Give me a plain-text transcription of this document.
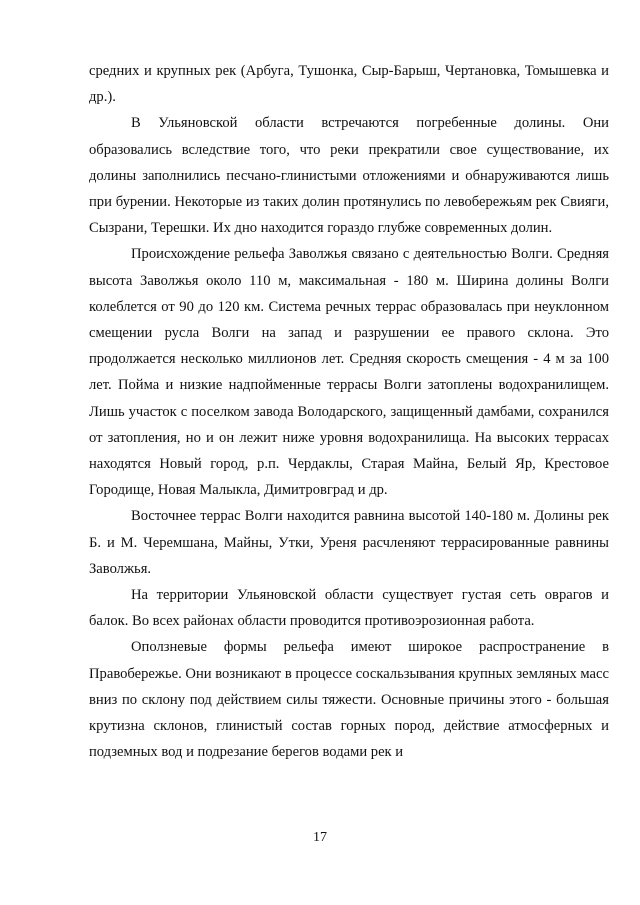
средних и крупных рек (Арбуга, Тушонка, Сыр-Барыш, Чертановка, Томышевка и др.).

В Ульяновской области встречаются погребенные долины. Они образовались вследствие того, что реки прекратили свое существование, их долины заполнились песчано-глинистыми отложениями и обнаруживаются лишь при бурении. Некоторые из таких долин протянулись по левобережьям рек Свияги, Сызрани, Терешки. Их дно находится гораздо глубже современных долин.

Происхождение рельефа Заволжья связано с деятельностью Волги. Средняя высота Заволжья около 110 м, максимальная - 180 м. Ширина долины Волги колеблется от 90 до 120 км. Система речных террас образовалась при неуклонном смещении русла Волги на запад и разрушении ее правого склона. Это продолжается несколько миллионов лет. Средняя скорость смещения - 4 м за 100 лет. Пойма и низкие надпойменные террасы Волги затоплены водохранилищем. Лишь участок с поселком завода Володарского, защищенный дамбами, сохранился от затопления, но и он лежит ниже уровня водохранилища. На высоких террасах находятся Новый город, р.п. Чердаклы, Старая Майна, Белый Яр, Крестовое Городище, Новая Малыкла, Димитровград и др.

Восточнее террас Волги находится равнина высотой 140-180 м. Долины рек Б. и М. Черемшана, Майны, Утки, Уреня расчленяют террасированные равнины Заволжья.

На территории Ульяновской области существует густая сеть оврагов и балок. Во всех районах области проводится противоэрозионная работа.

Оползневые формы рельефа имеют широкое распространение в Правобережье. Они возникают в процессе соскальзывания крупных земляных масс вниз по склону под действием силы тяжести. Основные причины этого - большая крутизна склонов, глинистый состав горных пород, действие атмосферных и подземных вод и подрезание берегов водами рек и

17
